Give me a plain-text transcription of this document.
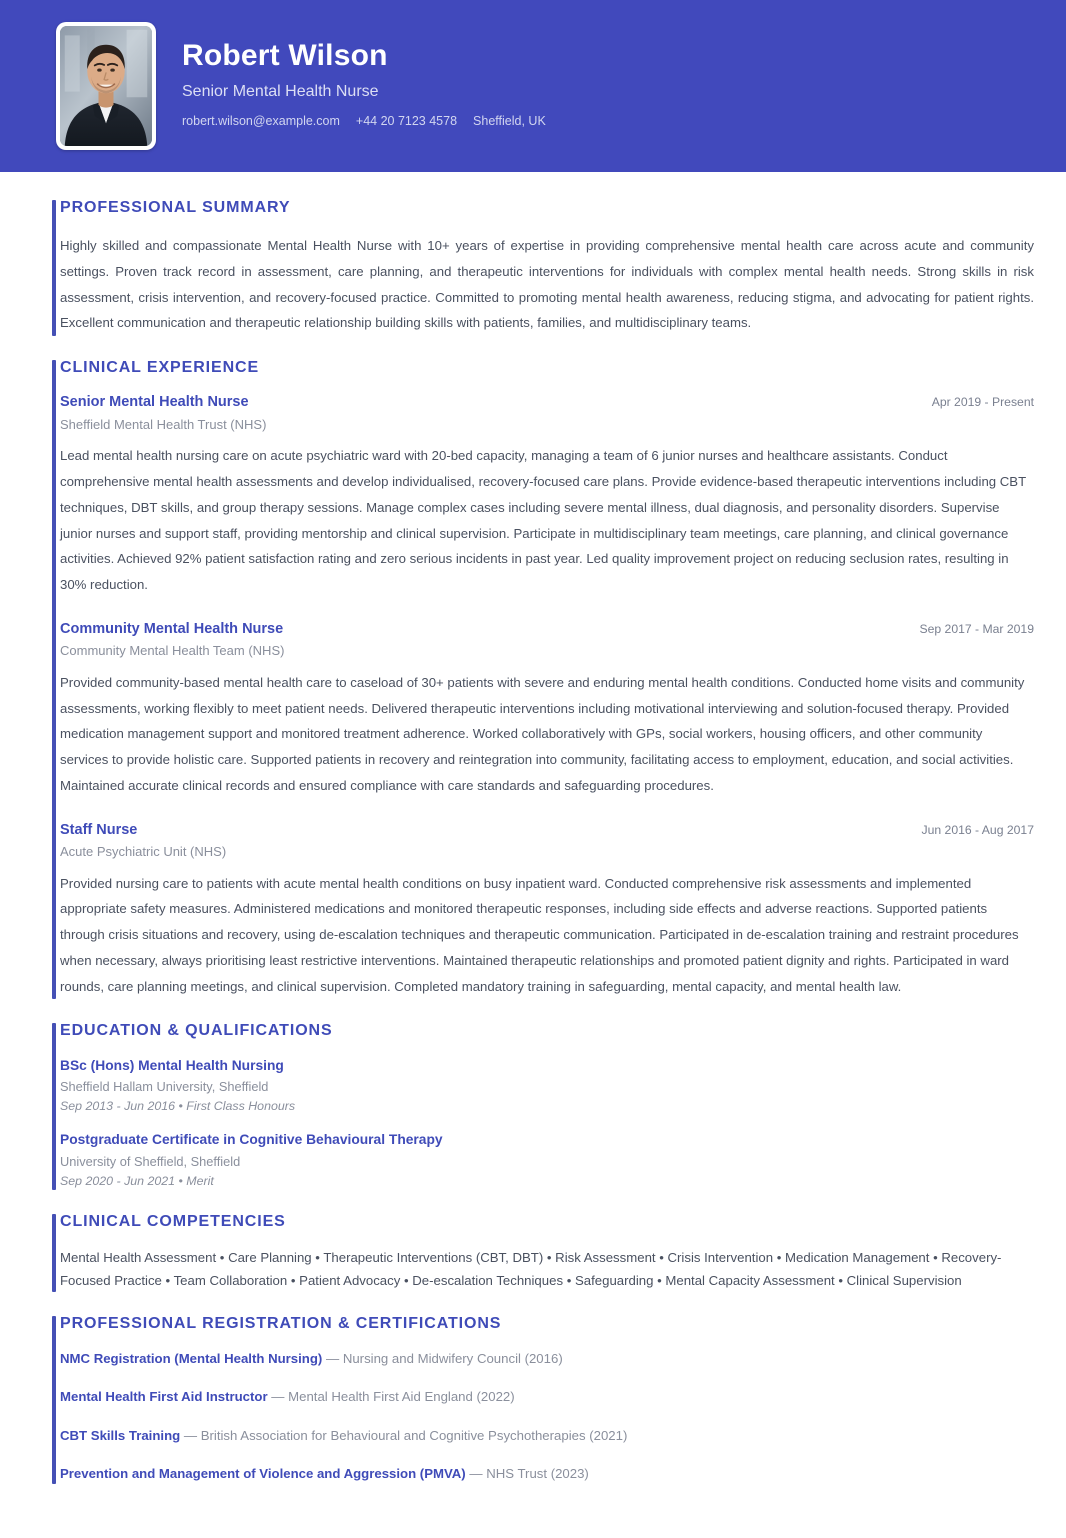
Robert Wilson
Senior Mental Health Nurse
robert.wilson@example.com +44 20 7123 4578 Sheffield, UK
PROFESSIONAL SUMMARY

Highly skilled and compassionate Mental Health Nurse with 10+ years of expertise in providing comprehensive mental health care across acute and community settings. Proven track record in assessment, care planning, and therapeutic interventions for individuals with complex mental health needs. Strong skills in risk assessment, crisis intervention, and recovery-focused practice. Committed to promoting mental health awareness, reducing stigma, and advocating for patient rights. Excellent communication and therapeutic relationship building skills with patients, families, and multidisciplinary teams.

CLINICAL EXPERIENCE
Senior Mental Health Nurse	Apr 2019 - Present
Sheffield Mental Health Trust (NHS)

Lead mental health nursing care on acute psychiatric ward with 20-bed capacity, managing a team of 6 junior nurses and healthcare assistants. Conduct comprehensive mental health assessments and develop individualised, recovery-focused care plans. Provide evidence-based therapeutic interventions including CBT techniques, DBT skills, and group therapy sessions. Manage complex cases including severe mental illness, dual diagnosis, and personality disorders. Supervise junior nurses and support staff, providing mentorship and clinical supervision. Participate in multidisciplinary team meetings, care planning, and clinical governance activities. Achieved 92% patient satisfaction rating and zero serious incidents in past year. Led quality improvement project on reducing seclusion rates, resulting in 30% reduction.

Community Mental Health Nurse	Sep 2017 - Mar 2019
Community Mental Health Team (NHS)

Provided community-based mental health care to caseload of 30+ patients with severe and enduring mental health conditions. Conducted home visits and community assessments, working flexibly to meet patient needs. Delivered therapeutic interventions including motivational interviewing and solution-focused therapy. Provided medication management support and monitored treatment adherence. Worked collaboratively with GPs, social workers, housing officers, and other community services to provide holistic care. Supported patients in recovery and reintegration into community, facilitating access to employment, education, and social activities. Maintained accurate clinical records and ensured compliance with care standards and safeguarding procedures.

Staff Nurse	Jun 2016 - Aug 2017
Acute Psychiatric Unit (NHS)

Provided nursing care to patients with acute mental health conditions on busy inpatient ward. Conducted comprehensive risk assessments and implemented appropriate safety measures. Administered medications and monitored therapeutic responses, including side effects and adverse reactions. Supported patients through crisis situations and recovery, using de-escalation techniques and therapeutic communication. Participated in de-escalation training and restraint procedures when necessary, always prioritising least restrictive interventions. Maintained therapeutic relationships and promoted patient dignity and rights. Participated in ward rounds, care planning meetings, and clinical supervision. Completed mandatory training in safeguarding, mental capacity, and mental health law.

EDUCATION & QUALIFICATIONS
BSc (Hons) Mental Health Nursing
Sheffield Hallam University, Sheffield
Sep 2013 - Jun 2016 • First Class Honours
Postgraduate Certificate in Cognitive Behavioural Therapy
University of Sheffield, Sheffield
Sep 2020 - Jun 2021 • Merit
CLINICAL COMPETENCIES

Mental Health Assessment • Care Planning • Therapeutic Interventions (CBT, DBT) • Risk Assessment • Crisis Intervention • Medication Management • Recovery-Focused Practice • Team Collaboration • Patient Advocacy • De-escalation Techniques • Safeguarding • Mental Capacity Assessment • Clinical Supervision

PROFESSIONAL REGISTRATION & CERTIFICATIONS

NMC Registration (Mental Health Nursing) — Nursing and Midwifery Council (2016)

Mental Health First Aid Instructor — Mental Health First Aid England (2022)

CBT Skills Training — British Association for Behavioural and Cognitive Psychotherapies (2021)

Prevention and Management of Violence and Aggression (PMVA) — NHS Trust (2023)
